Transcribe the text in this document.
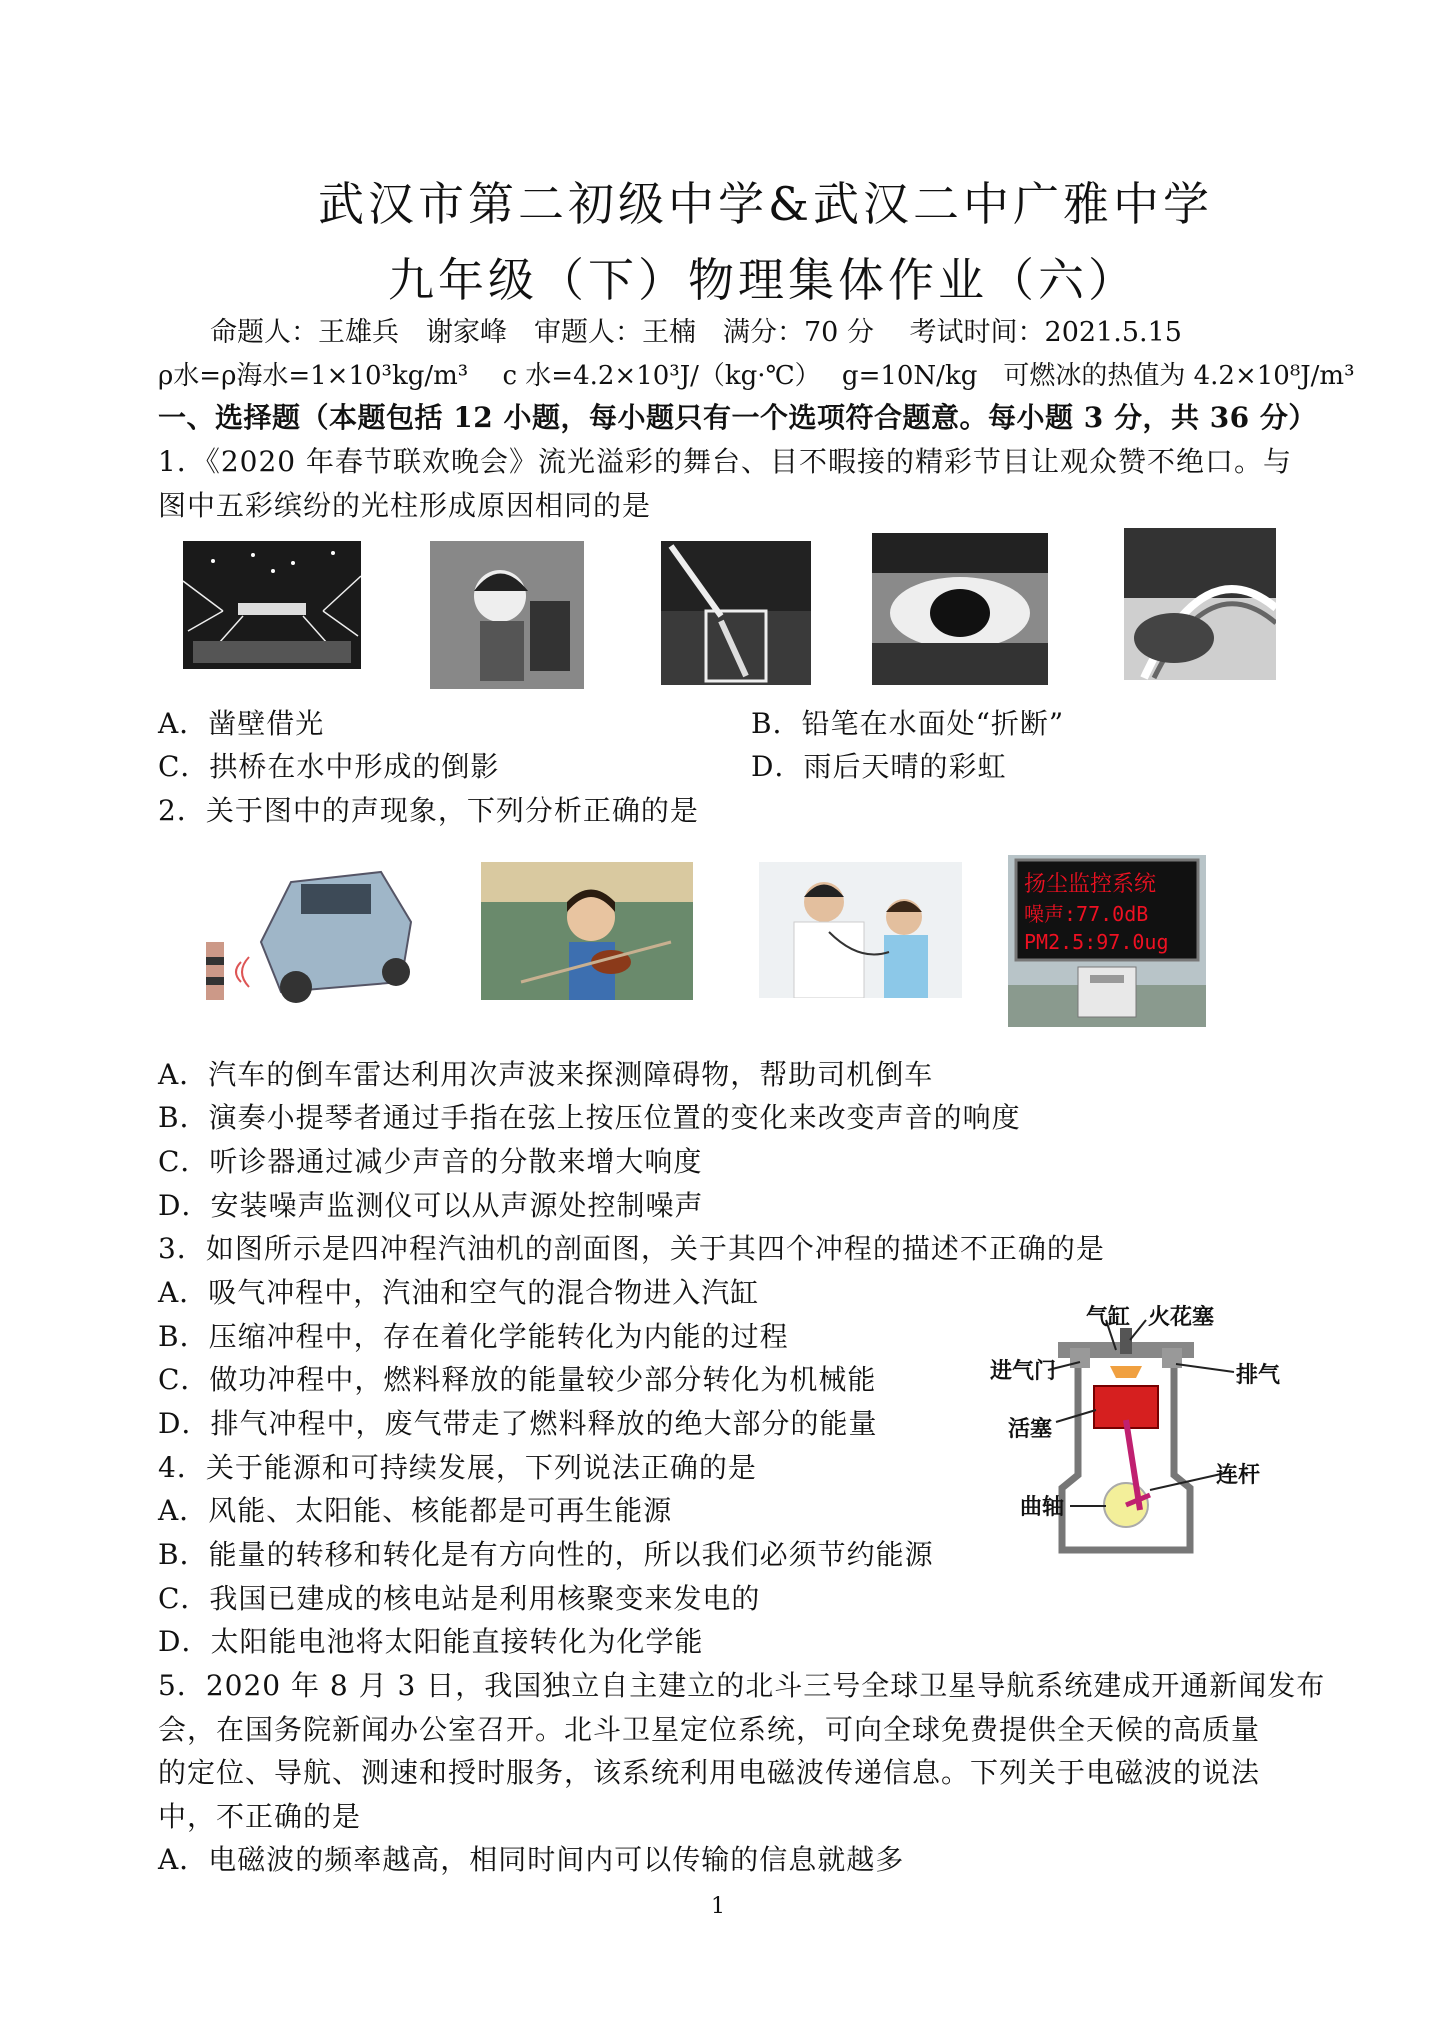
武汉市第二初级中学&武汉二中广雅中学
九年级（下）物理集体作业（六）
命题人：王雄兵　谢家峰　审题人：王楠　满分：70 分　 考试时间：2021.5.15
ρ水=ρ海水=1×10³kg/m³　 c 水=4.2×10³J/（kg·℃）　 g=10N/kg　可燃冰的热值为 4.2×10⁸J/m³
一、选择题（本题包括 12 小题，每小题只有一个选项符合题意。每小题 3 分，共 36 分）
1．《2020 年春节联欢晚会》流光溢彩的舞台、目不暇接的精彩节目让观众赞不绝口。与
图中五彩缤纷的光柱形成原因相同的是
A．凿壁借光	B．铅笔在水面处“折断”
C．拱桥在水中形成的倒影	D．雨后天晴的彩虹
2．关于图中的声现象，下列分析正确的是
扬尘监控系统
噪声:77.0dB
PM2.5:97.0ug
A．汽车的倒车雷达利用次声波来探测障碍物，帮助司机倒车
B．演奏小提琴者通过手指在弦上按压位置的变化来改变声音的响度
C．听诊器通过减少声音的分散来增大响度
D．安装噪声监测仪可以从声源处控制噪声
3．如图所示是四冲程汽油机的剖面图，关于其四个冲程的描述不正确的是
A．吸气冲程中，汽油和空气的混合物进入汽缸
B．压缩冲程中，存在着化学能转化为内能的过程
C．做功冲程中，燃料释放的能量较少部分转化为机械能
D．排气冲程中，废气带走了燃料释放的绝大部分的能量
气缸 火花塞
进气门	排气
活塞
连杆
曲轴
4．关于能源和可持续发展，下列说法正确的是
A．风能、太阳能、核能都是可再生能源
B．能量的转移和转化是有方向性的，所以我们必须节约能源
C．我国已建成的核电站是利用核聚变来发电的
D．太阳能电池将太阳能直接转化为化学能
5．2020 年 8 月 3 日，我国独立自主建立的北斗三号全球卫星导航系统建成开通新闻发布
会，在国务院新闻办公室召开。北斗卫星定位系统，可向全球免费提供全天候的高质量
的定位、导航、测速和授时服务，该系统利用电磁波传递信息。下列关于电磁波的说法
中，不正确的是
A．电磁波的频率越高，相同时间内可以传输的信息就越多
1
